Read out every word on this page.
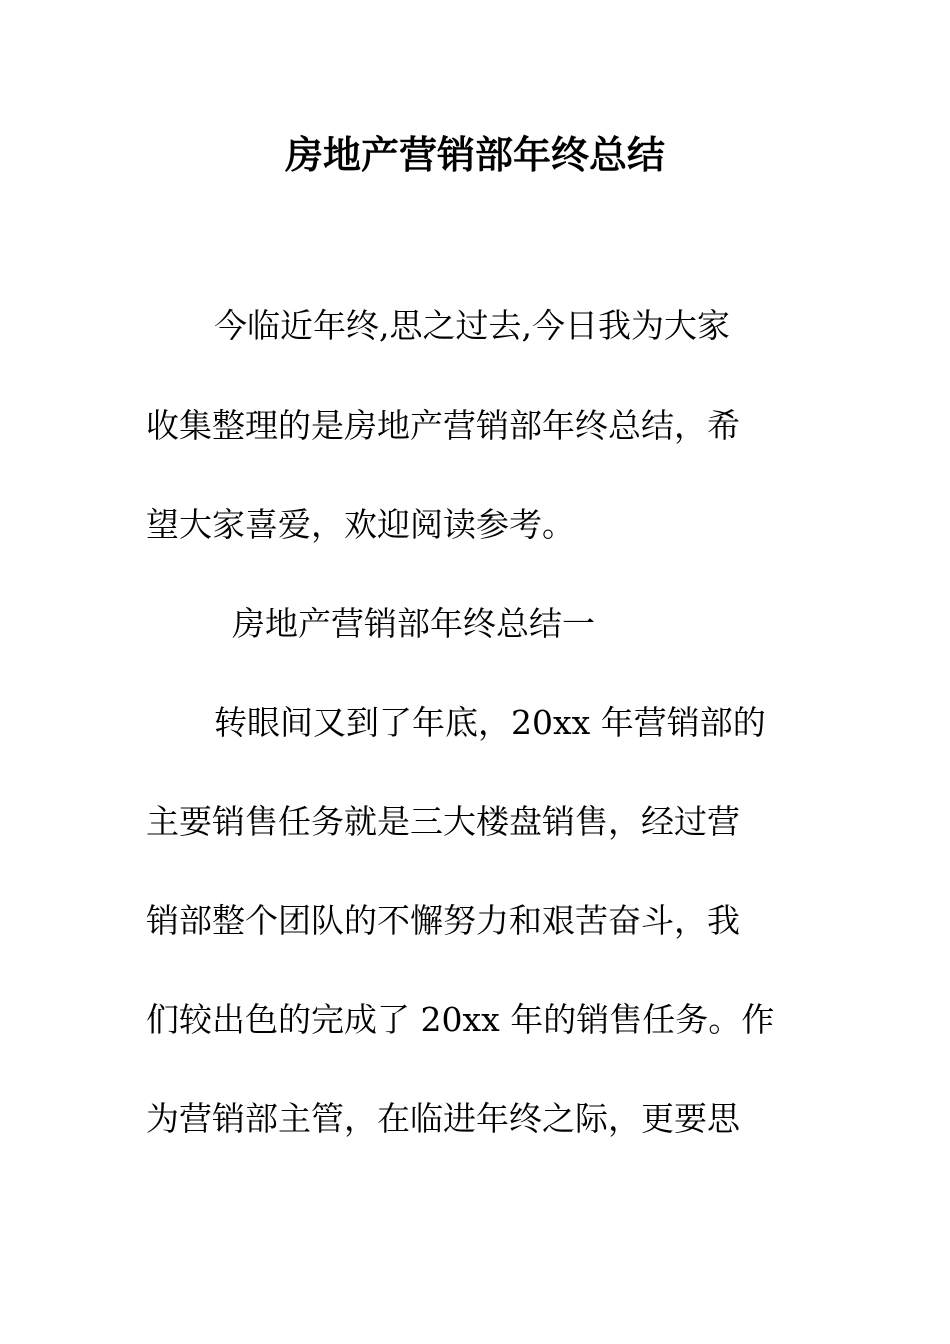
房地产营销部年终总结
今临近年终,思之过去,今日我为大家
收集整理的是房地产营销部年终总结，希
望大家喜爱，欢迎阅读参考。
房地产营销部年终总结一
转眼间又到了年底，20xx 年营销部的
主要销售任务就是三大楼盘销售，经过营
销部整个团队的不懈努力和艰苦奋斗，我
们较出色的完成了 20xx 年的销售任务。作
为营销部主管，在临进年终之际，更要思
